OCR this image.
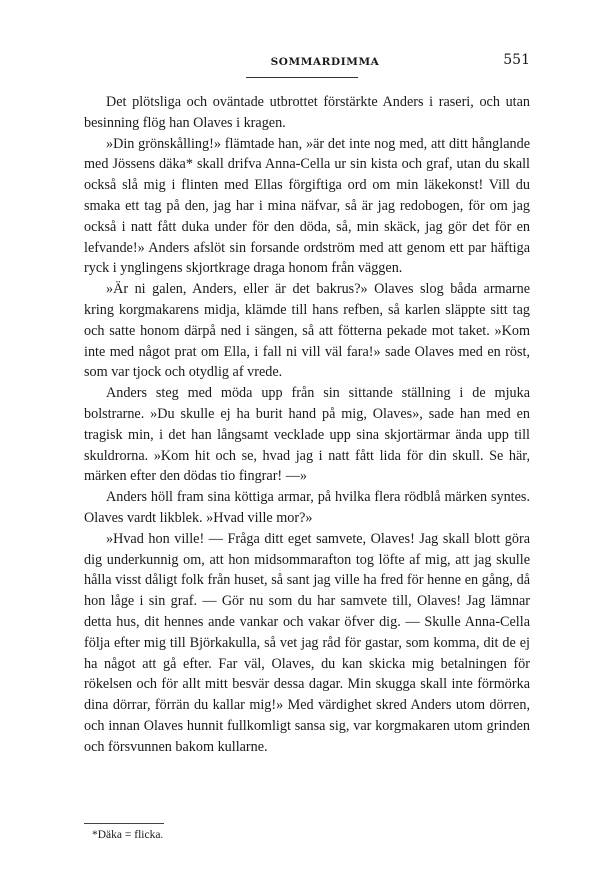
SOMMARDIMMA	551

Det plötsliga och oväntade utbrottet förstärkte Anders i raseri, och utan besinning flög han Olaves i kragen.

»Din grönskålling!» flämtade han, »är det inte nog med, att ditt hånglande med Jössens däka* skall drifva Anna-Cella ur sin kista och graf, utan du skall också slå mig i flinten med Ellas förgiftiga ord om min läkekonst! Vill du smaka ett tag på den, jag har i mina näfvar, så är jag redobogen, för om jag också i natt fått duka under för den döda, så, min skäck, jag gör det för en lefvande!» Anders afslöt sin forsande ordström med att genom ett par häftiga ryck i ynglingens skjortkrage draga honom från väggen.

»Är ni galen, Anders, eller är det bakrus?» Olaves slog båda armarne kring korgmakarens midja, klämde till hans refben, så karlen släppte sitt tag och satte honom därpå ned i sängen, så att fötterna pekade mot taket. »Kom inte med något prat om Ella, i fall ni vill väl fara!» sade Olaves med en röst, som var tjock och otydlig af vrede.

Anders steg med möda upp från sin sittande ställning i de mjuka bolstrarne. »Du skulle ej ha burit hand på mig, Olaves», sade han med en tragisk min, i det han långsamt vecklade upp sina skjortärmar ända upp till skuldrorna. »Kom hit och se, hvad jag i natt fått lida för din skull. Se här, märken efter den dödas tio fingrar! —»

Anders höll fram sina köttiga armar, på hvilka flera rödblå märken syntes. Olaves vardt likblek. »Hvad ville mor?»

»Hvad hon ville! — Fråga ditt eget samvete, Olaves! Jag skall blott göra dig underkunnig om, att hon midsommarafton tog löfte af mig, att jag skulle hålla visst dåligt folk från huset, så sant jag ville ha fred för henne en gång, då hon låge i sin graf. — Gör nu som du har samvete till, Olaves! Jag lämnar detta hus, dit hennes ande vankar och vakar öfver dig. — Skulle Anna-Cella följa efter mig till Björkakulla, så vet jag råd för gastar, som komma, dit de ej ha något att gå efter. Far väl, Olaves, du kan skicka mig betalningen för rökelsen och för allt mitt besvär dessa dagar. Min skugga skall inte förmörka dina dörrar, förrän du kallar mig!» Med värdighet skred Anders utom dörren, och innan Olaves hunnit fullkomligt sansa sig, var korgmakaren utom grinden och försvunnen bakom kullarne.

*Däka = flicka.
